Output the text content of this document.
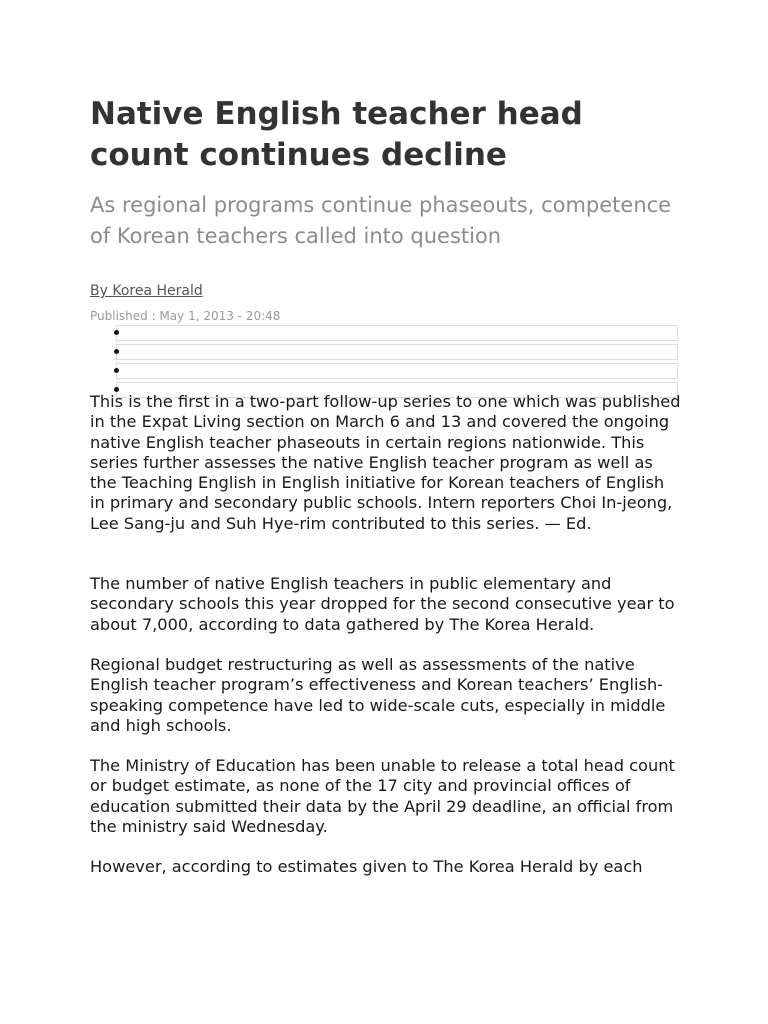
Native English teacher head count continues decline
As regional programs continue phaseouts, competence of Korean teachers called into question
By Korea Herald
Published : May 1, 2013 - 20:48

This is the first in a two-part follow-up series to one which was published in the Expat Living section on March 6 and 13 and covered the ongoing native English teacher phaseouts in certain regions nationwide. This series further assesses the native English teacher program as well as the Teaching English in English initiative for Korean teachers of English in primary and secondary public schools. Intern reporters Choi In-jeong, Lee Sang-ju and Suh Hye-rim contributed to this series. — Ed.

The number of native English teachers in public elementary and secondary schools this year dropped for the second consecutive year to about 7,000, according to data gathered by The Korea Herald.

Regional budget restructuring as well as assessments of the native English teacher program’s effectiveness and Korean teachers’ English-speaking competence have led to wide-scale cuts, especially in middle and high schools.

The Ministry of Education has been unable to release a total head count or budget estimate, as none of the 17 city and provincial offices of education submitted their data by the April 29 deadline, an official from the ministry said Wednesday.

However, according to estimates given to The Korea Herald by each
